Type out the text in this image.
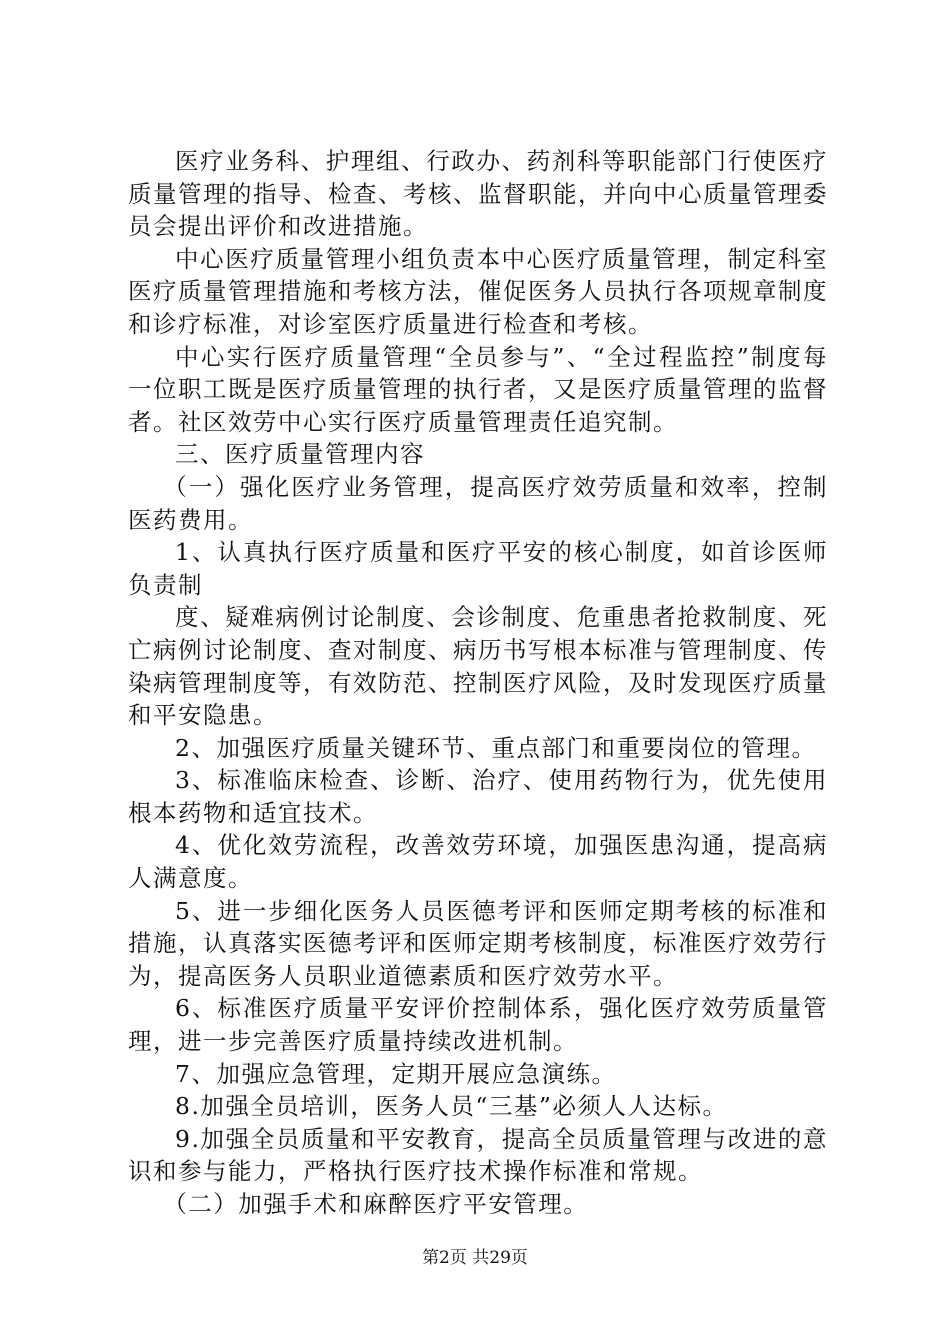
医疗业务科、护理组、行政办、药剂科等职能部门行使医疗质量管理的指导、检查、考核、监督职能，并向中心质量管理委员会提出评价和改进措施。

中心医疗质量管理小组负责本中心医疗质量管理，制定科室医疗质量管理措施和考核方法，催促医务人员执行各项规章制度和诊疗标准，对诊室医疗质量进行检查和考核。

中心实行医疗质量管理“全员参与”、“全过程监控”制度每一位职工既是医疗质量管理的执行者，又是医疗质量管理的监督者。社区效劳中心实行医疗质量管理责任追究制。

三、医疗质量管理内容

（一）强化医疗业务管理，提高医疗效劳质量和效率，控制医药费用。

1、认真执行医疗质量和医疗平安的核心制度，如首诊医师负责制

度、疑难病例讨论制度、会诊制度、危重患者抢救制度、死亡病例讨论制度、查对制度、病历书写根本标准与管理制度、传染病管理制度等，有效防范、控制医疗风险，及时发现医疗质量和平安隐患。

2、加强医疗质量关键环节、重点部门和重要岗位的管理。

3、标准临床检查、诊断、治疗、使用药物行为，优先使用根本药物和适宜技术。

4、优化效劳流程，改善效劳环境，加强医患沟通，提高病人满意度。

5、进一步细化医务人员医德考评和医师定期考核的标准和措施，认真落实医德考评和医师定期考核制度，标准医疗效劳行为，提高医务人员职业道德素质和医疗效劳水平。

6、标准医疗质量平安评价控制体系，强化医疗效劳质量管理，进一步完善医疗质量持续改进机制。

7、加强应急管理，定期开展应急演练。

8.加强全员培训，医务人员“三基”必须人人达标。

9.加强全员质量和平安教育，提高全员质量管理与改进的意识和参与能力，严格执行医疗技术操作标准和常规。

（二）加强手术和麻醉医疗平安管理。

第2页 共29页
